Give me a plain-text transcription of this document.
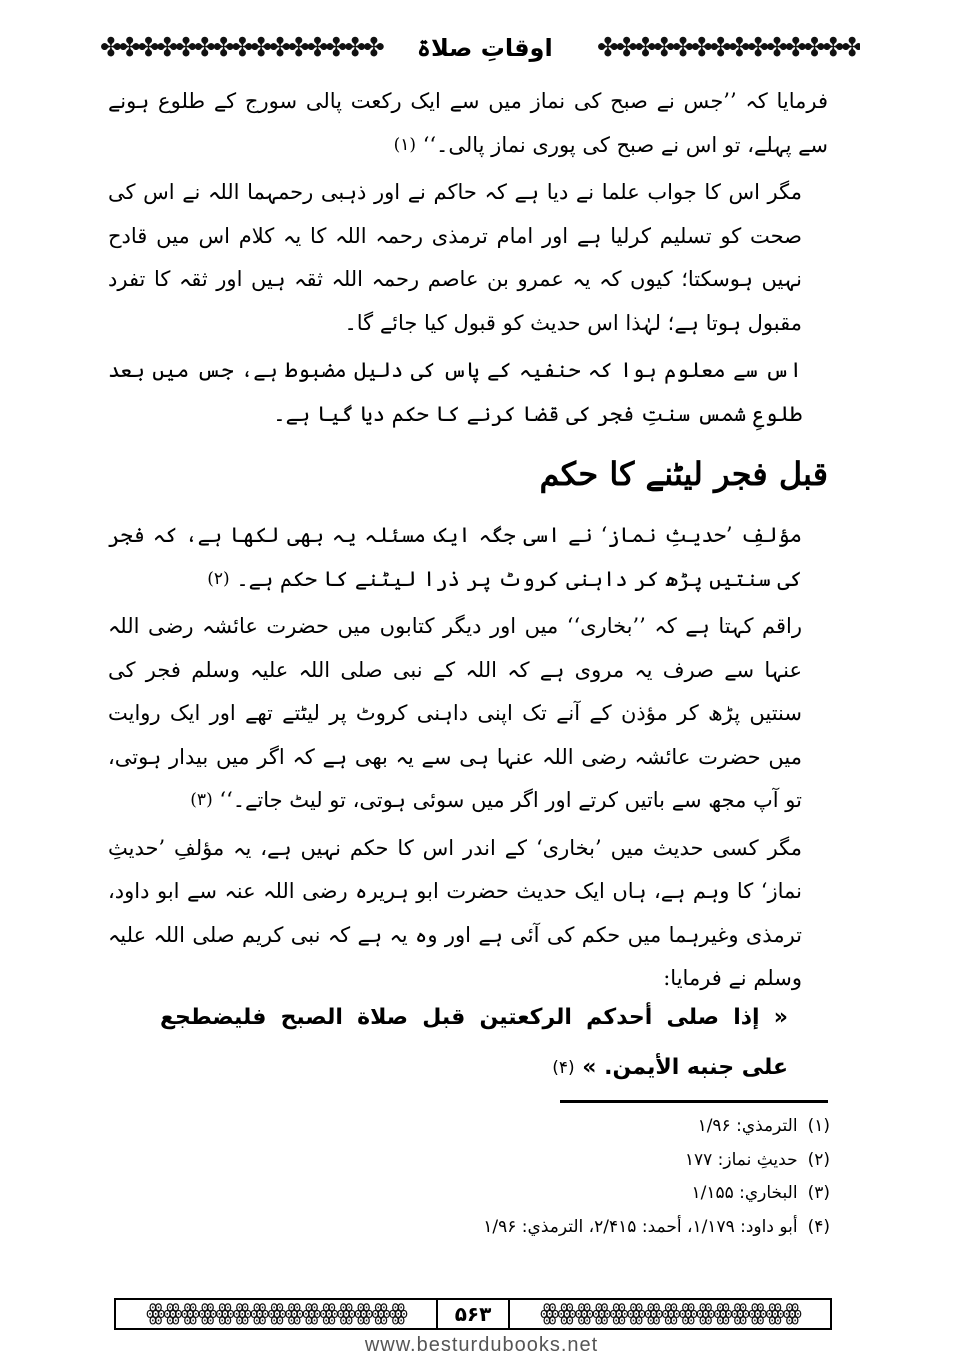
✤✤✤✤✤✤✤✤✤✤✤✤✤✤✤	اوقاتِ صلاۃ	✤✤✤✤✤✤✤✤✤✤✤✤✤✤

فرمایا کہ ’’جس نے صبح کی نماز میں سے ایک رکعت پالی سورج کے طلوع ہونے سے پہلے، تو اس نے صبح کی پوری نماز پالی۔‘‘ $^{(۱)}$

مگر اس کا جواب علما نے دیا ہے کہ حاکم نے اور ذہبی رحمہما اللہ نے اس کی صحت کو تسلیم کرلیا ہے اور امام ترمذی رحمہ اللہ کا یہ کلام اس میں قادح نہیں ہوسکتا؛ کیوں کہ یہ عمرو بن عاصم رحمہ اللہ ثقہ ہیں اور ثقہ کا تفرد مقبول ہوتا ہے؛ لہٰذا اس حدیث کو قبول کیا جائے گا۔

اس سے معلوم ہوا کہ حنفیہ کے پاس کی دلیل مضبوط ہے، جس میں بعد طلوعِ شمس سنتِ فجر کی قضا کرنے کا حکم دیا گیا ہے۔

قبل فجر لیٹنے کا حکم

مؤلفِ ’حدیثِ نماز‘ نے اسی جگہ ایک مسئلہ یہ بھی لکھا ہے، کہ فجر کی سنتیں پڑھ کر داہنی کروٹ پر ذرا لیٹنے کا حکم ہے۔ $^{(۲)}$

راقم کہتا ہے کہ ’’بخاری‘‘ میں اور دیگر کتابوں میں حضرت عائشہ رضی اللہ عنہا سے صرف یہ مروی ہے کہ اللہ کے نبی صلی اللہ علیہ وسلم فجر کی سنتیں پڑھ کر مؤذن کے آنے تک اپنی داہنی کروٹ پر لیٹتے تھے اور ایک روایت میں حضرت عائشہ رضی اللہ عنہا ہی سے یہ بھی ہے کہ اگر میں بیدار ہوتی، تو آپ مجھ سے باتیں کرتے اور اگر میں سوئی ہوتی، تو لیٹ جاتے۔‘‘ $^{(۳)}$

مگر کسی حدیث میں ’بخاری‘ کے اندر اس کا حکم نہیں ہے، یہ مؤلفِ ’حدیثِ نماز‘ کا وہم ہے، ہاں ایک حدیث حضرت ابو ہریرہ رضی اللہ عنہ سے ابو داود، ترمذی وغیرہما میں حکم کی آئی ہے اور وہ یہ ہے کہ نبی کریم صلی اللہ علیہ وسلم نے فرمایا:

« إذا صلى أحدكم الركعتين قبل صلاة الصبح فليضطجع على جنبه الأيمن. » $^{(۴)}$
(۱)الترمذي: ۱/۹۶
(۲)حدیثِ نماز: ۱۷۷
(۳)البخاري: ۱/۱۵۵
(۴)أبو داود: ۱/۱۷۹، أحمد: ۲/۴۱۵، الترمذي: ۱/۹۶
ꙮꙮꙮꙮꙮꙮꙮꙮꙮꙮꙮꙮꙮꙮꙮ	۵۶۳	ꙮꙮꙮꙮꙮꙮꙮꙮꙮꙮꙮꙮꙮꙮꙮ
www.besturdubooks.net
